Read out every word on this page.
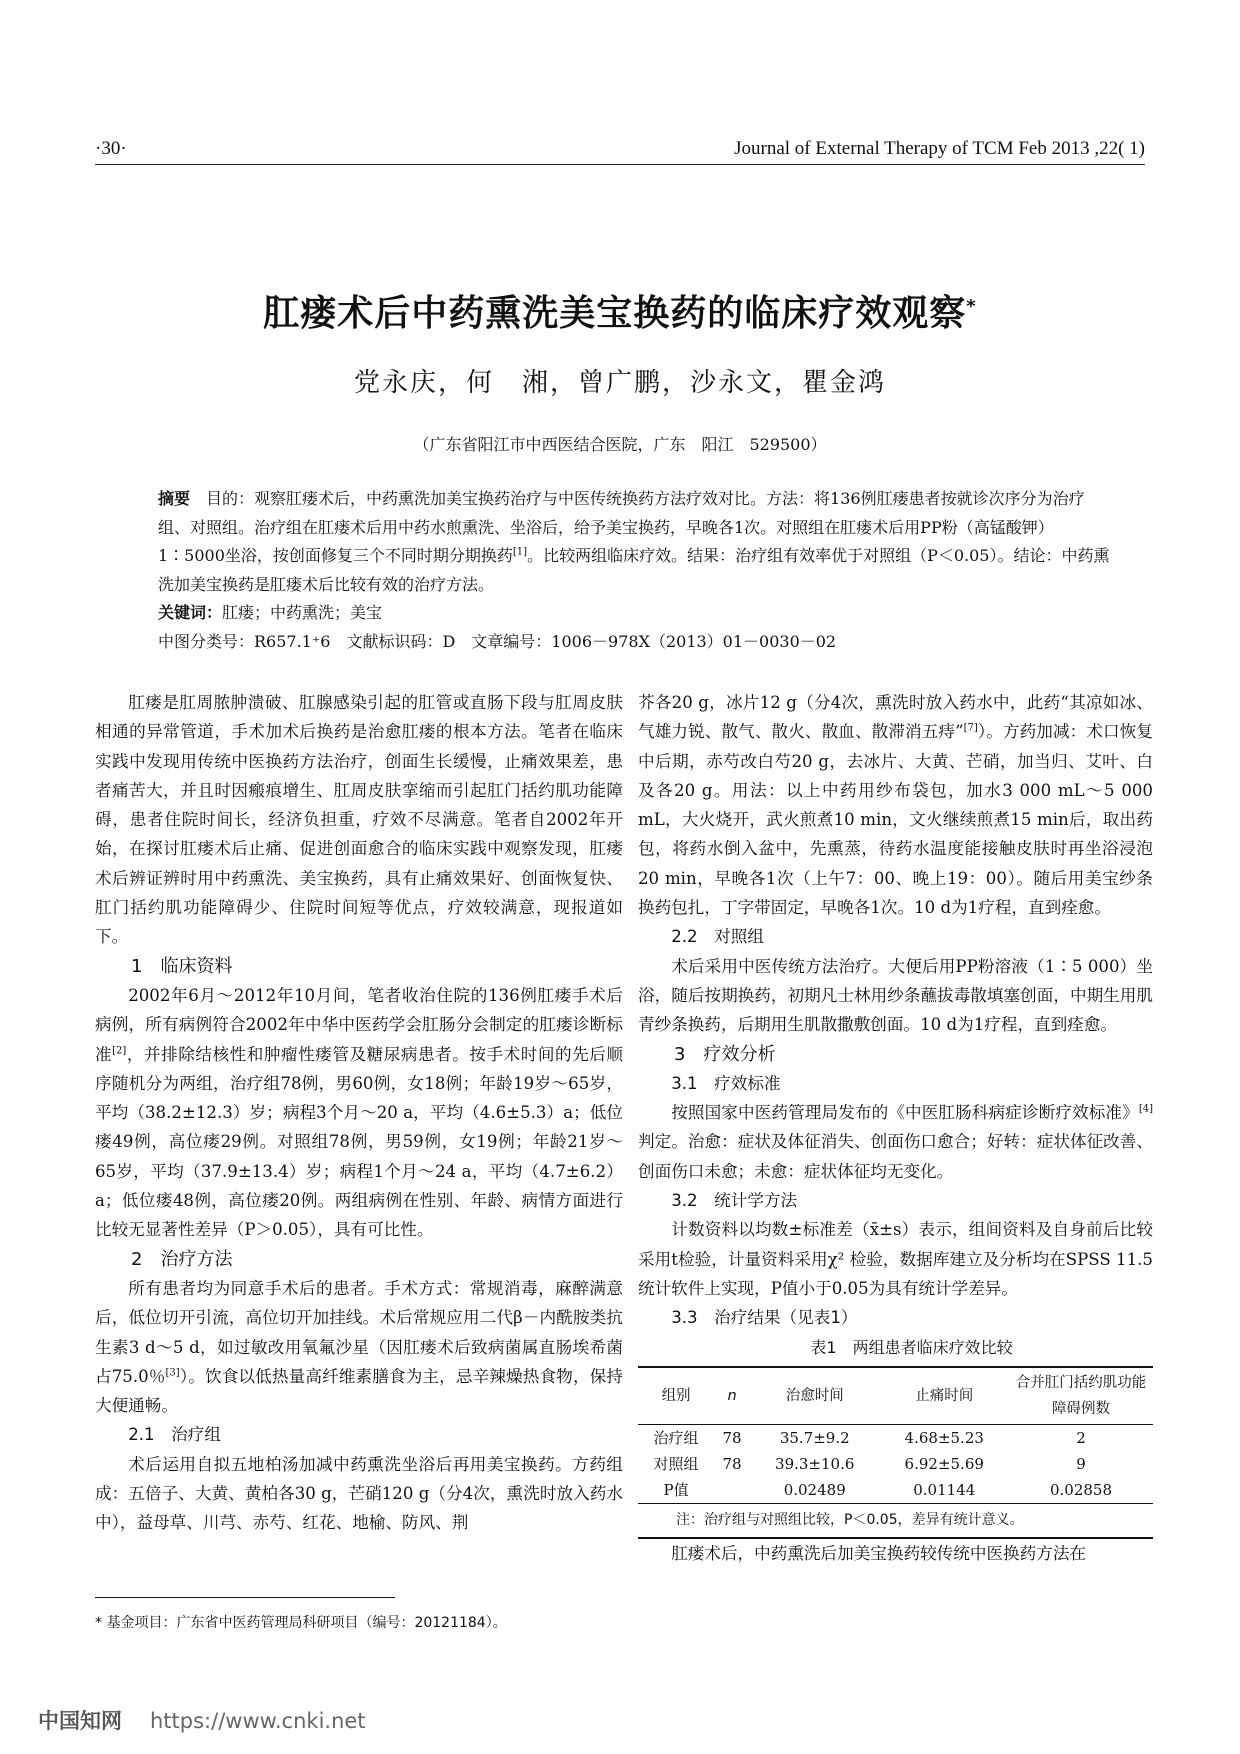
·30·	Journal of External Therapy of TCM Feb 2013 ,22( 1)
肛瘘术后中药熏洗美宝换药的临床疗效观察*
党永庆，何　湘，曾广鹏，沙永文，瞿金鸿
（广东省阳江市中西医结合医院，广东　阳江　529500）

摘要　 目的：观察肛瘘术后，中药熏洗加美宝换药治疗与中医传统换药方法疗效对比。方法：将136例肛瘘患者按就诊次序分为治疗组、对照组。治疗组在肛瘘术后用中药水煎熏洗、坐浴后，给予美宝换药，早晚各1次。对照组在肛瘘术后用PP粉（高锰酸钾）1∶5000坐浴，按创面修复三个不同时期分期换药[1]。比较两组临床疗效。结果：治疗组有效率优于对照组（P＜0.05）。结论：中药熏洗加美宝换药是肛瘘术后比较有效的治疗方法。

关键词：肛瘘；中药熏洗；美宝

中图分类号：R657.1⁺6　文献标识码：D　文章编号：1006－978X（2013）01－0030－02

肛瘘是肛周脓肿溃破、肛腺感染引起的肛管或直肠下段与肛周皮肤相通的异常管道，手术加术后换药是治愈肛瘘的根本方法。笔者在临床实践中发现用传统中医换药方法治疗，创面生长缓慢，止痛效果差，患者痛苦大，并且时因瘢痕增生、肛周皮肤挛缩而引起肛门括约肌功能障碍，患者住院时间长，经济负担重，疗效不尽满意。笔者自2002年开始，在探讨肛瘘术后止痛、促进创面愈合的临床实践中观察发现，肛瘘术后辨证辨时用中药熏洗、美宝换药，具有止痛效果好、创面恢复快、肛门括约肌功能障碍少、住院时间短等优点，疗效较满意，现报道如下。

1　临床资料

2002年6月～2012年10月间，笔者收治住院的136例肛瘘手术后病例，所有病例符合2002年中华中医药学会肛肠分会制定的肛瘘诊断标准[2]，并排除结核性和肿瘤性瘘管及糖尿病患者。按手术时间的先后顺序随机分为两组，治疗组78例，男60例，女18例；年龄19岁～65岁，平均（38.2±12.3）岁；病程3个月～20 a，平均（4.6±5.3）a；低位瘘49例，高位瘘29例。对照组78例，男59例，女19例；年龄21岁～65岁，平均（37.9±13.4）岁；病程1个月～24 a，平均（4.7±6.2）a；低位瘘48例，高位瘘20例。两组病例在性别、年龄、病情方面进行比较无显著性差异（P＞0.05），具有可比性。

2　治疗方法

所有患者均为同意手术后的患者。手术方式：常规消毒，麻醉满意后，低位切开引流，高位切开加挂线。术后常规应用二代β－内酰胺类抗生素3 d～5 d，如过敏改用氧氟沙星（因肛瘘术后致病菌属直肠埃希菌占75.0％[3]）。饮食以低热量高纤维素膳食为主，忌辛辣燥热食物，保持大便通畅。

2.1　治疗组

术后运用自拟五地柏汤加减中药熏洗坐浴后再用美宝换药。方药组成：五倍子、大黄、黄柏各30 g，芒硝120 g（分4次，熏洗时放入药水中），益母草、川芎、赤芍、红花、地榆、防风、荆

芥各20 g，冰片12 g（分4次，熏洗时放入药水中，此药“其凉如冰、气雄力锐、散气、散火、散血、散滞消五痔”[7]）。方药加减：术口恢复中后期，赤芍改白芍20 g，去冰片、大黄、芒硝，加当归、艾叶、白及各20 g。用法：以上中药用纱布袋包，加水3 000 mL～5 000 mL，大火烧开，武火煎煮10 min，文火继续煎煮15 min后，取出药包，将药水倒入盆中，先熏蒸，待药水温度能接触皮肤时再坐浴浸泡20 min，早晚各1次（上午7：00、晚上19：00）。随后用美宝纱条换药包扎，丁字带固定，早晚各1次。10 d为1疗程，直到痊愈。

2.2　对照组

术后采用中医传统方法治疗。大便后用PP粉溶液（1∶5 000）坐浴，随后按期换药，初期凡士林用纱条蘸拔毒散填塞创面，中期生用肌青纱条换药，后期用生肌散撒敷创面。10 d为1疗程，直到痊愈。

3　疗效分析

3.1　疗效标准

按照国家中医药管理局发布的《中医肛肠科病症诊断疗效标准》[4]判定。治愈：症状及体征消失、创面伤口愈合；好转：症状体征改善、创面伤口未愈；未愈：症状体征均无变化。

3.2　统计学方法

计数资料以均数±标准差（x̄±s）表示，组间资料及自身前后比较采用t检验，计量资料采用χ² 检验，数据库建立及分析均在SPSS 11.5统计软件上实现，P值小于0.05为具有统计学差异。

3.3　治疗结果（见表1）

表1　两组患者临床疗效比较

组别	n	治愈时间	止痛时间	合并肛门括约肌功能障碍例数
治疗组	78	35.7±9.2	4.68±5.23	2
对照组	78	39.3±10.6	6.92±5.69	9
P值		0.02489	0.01144	0.02858

注：治疗组与对照组比较，P＜0.05，差异有统计意义。

肛瘘术后，中药熏洗后加美宝换药较传统中医换药方法在

* 基金项目：广东省中医药管理局科研项目（编号：20121184）。
中国知网 https://www.cnki.net
